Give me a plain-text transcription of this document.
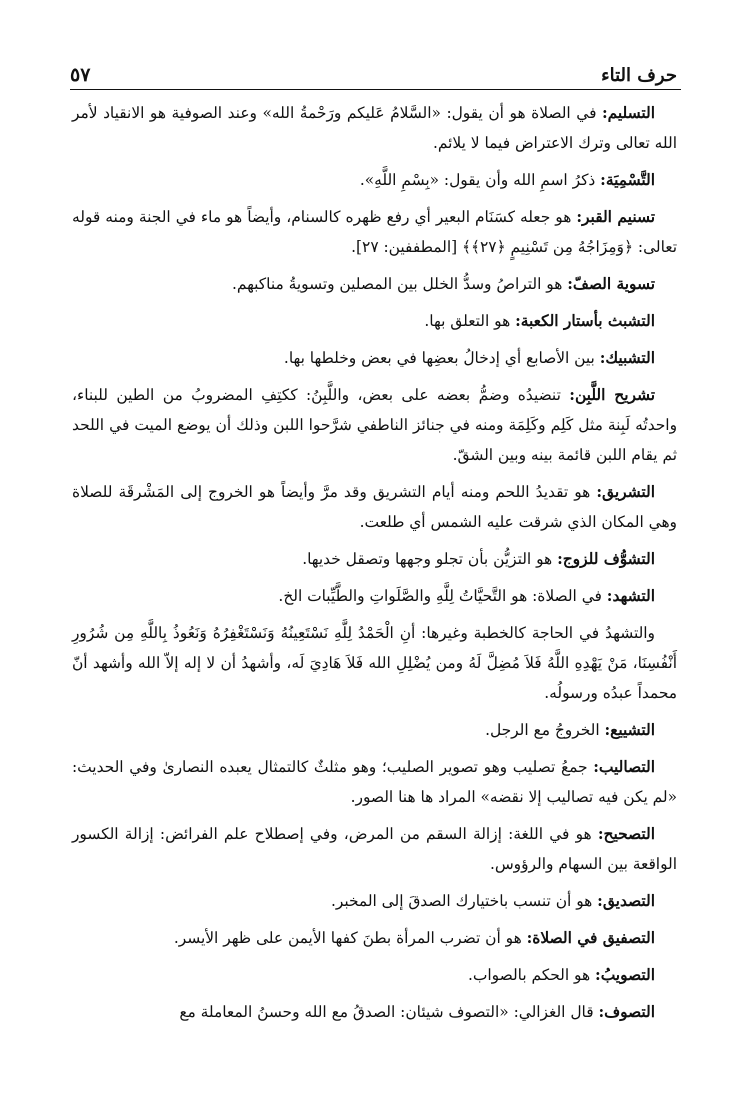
حرف التاء
٥٧

التسليم: في الصلاة هو أن يقول: «السَّلامُ عَليكم ورَحْمةُ الله» وعند الصوفية هو الانقياد لأمر الله تعالى وترك الاعتراض فيما لا يلائم.

التَّسْمِيَة: ذكرُ اسمِ الله وأن يقول: «بِسْمِ اللَّهِ».

تسنيم القبر: هو جعله كسَنَام البعير أي رفع ظهره كالسنام، وأيضاً هو ماء في الجنة ومنه قوله تعالى: ﴿وَمِزَاجُهُ مِن تَسْنِيمٍ ﴿٢٧﴾﴾ [المطففين: ٢٧].

تسوية الصفّ: هو التراصُ وسدُّ الخلل بين المصلين وتسويةُ مناكبهم.

التشبث بأستار الكعبة: هو التعلق بها.

التشبيك: بين الأصابع أي إدخالُ بعضِها في بعض وخلطها بها.

تشريح اللَّبِن: تنضيدُه وضمُّ بعضه على بعض، واللَّبِنُ: ككتِفِ المضروبُ من الطين للبناء، واحدتُه لَبِنة مثل كَلِم وكَلِمَة ومنه في جنائز الناطفي شرَّحوا اللبن وذلك أن يوضع الميت في اللحد ثم يقام اللبن قائمة بينه وبين الشقّ.

التشريق: هو تقديدُ اللحم ومنه أيام التشريق وقد مرَّ وأيضاً هو الخروج إلى المَشْرقَة للصلاة وهي المكان الذي شرقت عليه الشمس أي طلعت.

التشوُّف للزوج: هو التزيُّن بأن تجلو وجهها وتصقل خديها.

التشهد: في الصلاة: هو التَّحيَّاتُ لِلَّهِ والصَّلَواتِ والطَّيِّبات الخ.

والتشهدُ في الحاجة كالخطبة وغيرها: أنِ الْحَمْدُ لِلَّهِ نَسْتَعِينُهُ وَنَسْتَغْفِرُهُ وَنَعُوذُ بِاللَّهِ مِن شُرُورِ أَنْفُسِنَا، مَنْ يَهْدِهِ اللَّهُ فَلاَ مُضِلَّ لَهُ ومن يُضْلِلِ الله فَلاَ هَادِيَ لَه، وأشهدُ أن لا إله إلاّ الله وأشهد أنّ محمداً عبدُه ورسولُه.

التشييع: الخروجُ مع الرجل.

التصاليب: جمعُ تصليب وهو تصوير الصليب؛ وهو مثلثٌ كالتمثال يعبده النصارىٰ وفي الحديث: «لم يكن فيه تصاليب إلا نقضه» المراد ها هنا الصور.

التصحيح: هو في اللغة: إزالة السقم من المرض، وفي إصطلاح علم الفرائض: إزالة الكسور الواقعة بين السهام والرؤوس.

التصديق: هو أن تنسب باختيارك الصدقَ إلى المخبر.

التصفيق في الصلاة: هو أن تضرب المرأة بطنَ كفها الأيمن على ظهر الأيسر.

التصويبُ: هو الحكم بالصواب.

التصوف: قال الغزالي: «التصوف شيئان: الصدقُ مع الله وحسنُ المعاملة مع
